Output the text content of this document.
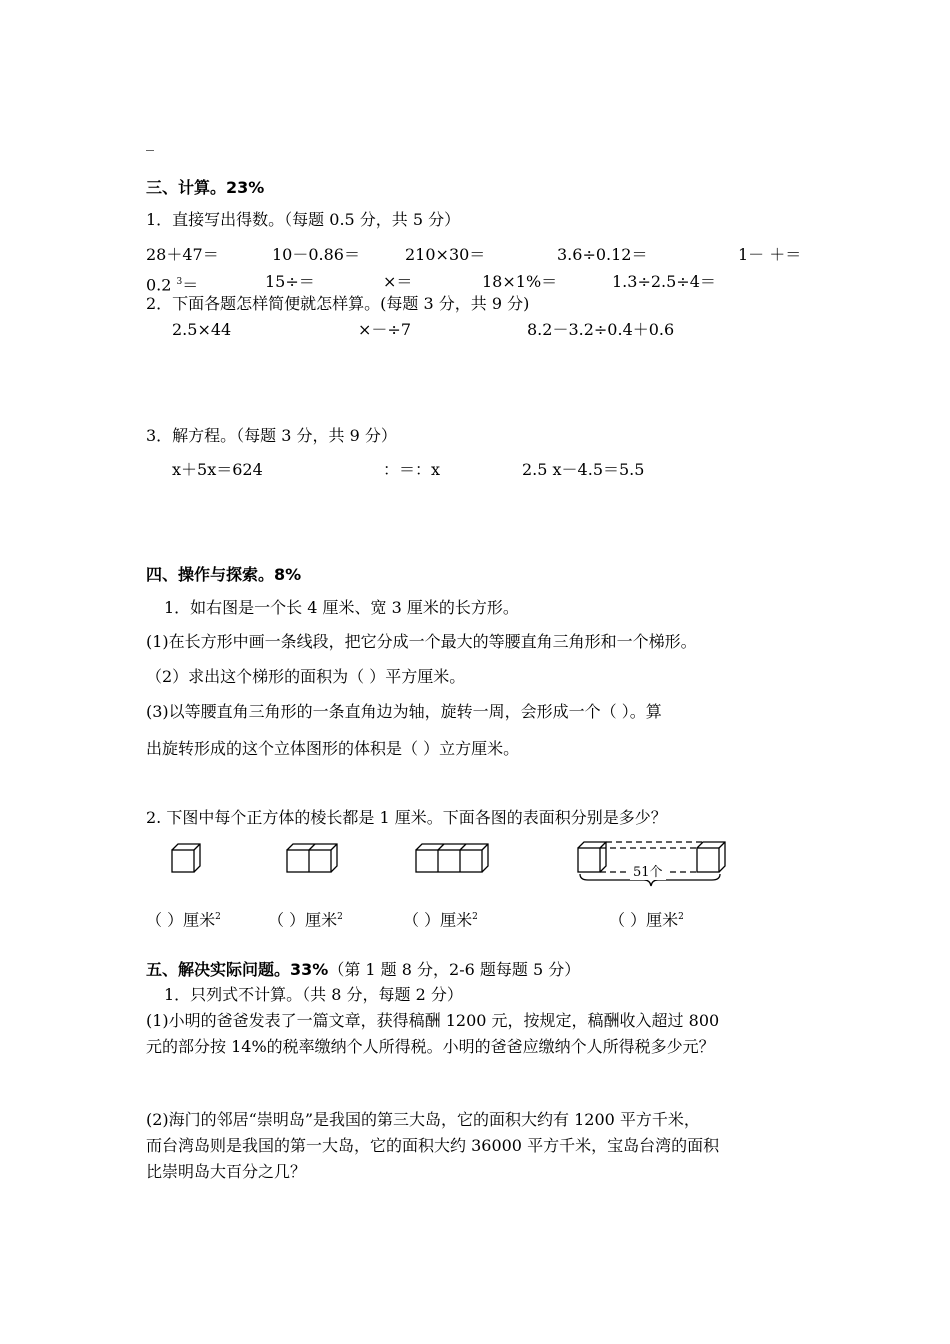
_
三、计算。23%
1．直接写出得数。（每题 0.5 分，共 5 分）
28＋47＝	10－0.86＝	210×30＝	3.6÷0.12＝	1－ ＋＝
0.2 $^3$＝	15÷＝	×＝	18×1%＝	1.3÷2.5÷4＝
2．下面各题怎样简便就怎样算。(每题 3 分，共 9 分)
2.5×44	×－÷7	8.2－3.2÷0.4＋0.6
3．解方程。（每题 3 分，共 9 分）
x＋5x＝624	：＝：x	2.5 x－4.5＝5.5
四、操作与探索。8%
1．如右图是一个长 4 厘米、宽 3 厘米的长方形。
(1)在长方形中画一条线段，把它分成一个最大的等腰直角三角形和一个梯形。
（2）求出这个梯形的面积为（ ）平方厘米。
(3)以等腰直角三角形的一条直角边为轴，旋转一周，会形成一个（ ）。算
出旋转形成的这个立体图形的体积是（ ）立方厘米。
2. 下图中每个正方体的棱长都是 1 厘米。下面各图的表面积分别是多少？
51个
（ ）厘米$^2$	（ ）厘米$^2$	（ ）厘米$^2$	（ ）厘米$^2$
五、解决实际问题。33%（第 1 题 8 分，2-6 题每题 5 分）
1．只列式不计算。（共 8 分，每题 2 分）
(1)小明的爸爸发表了一篇文章，获得稿酬 1200 元，按规定，稿酬收入超过 800
元的部分按 14%的税率缴纳个人所得税。小明的爸爸应缴纳个人所得税多少元？
(2)海门的邻居“崇明岛”是我国的第三大岛，它的面积大约有 1200 平方千米，
而台湾岛则是我国的第一大岛，它的面积大约 36000 平方千米，宝岛台湾的面积
比崇明岛大百分之几？
